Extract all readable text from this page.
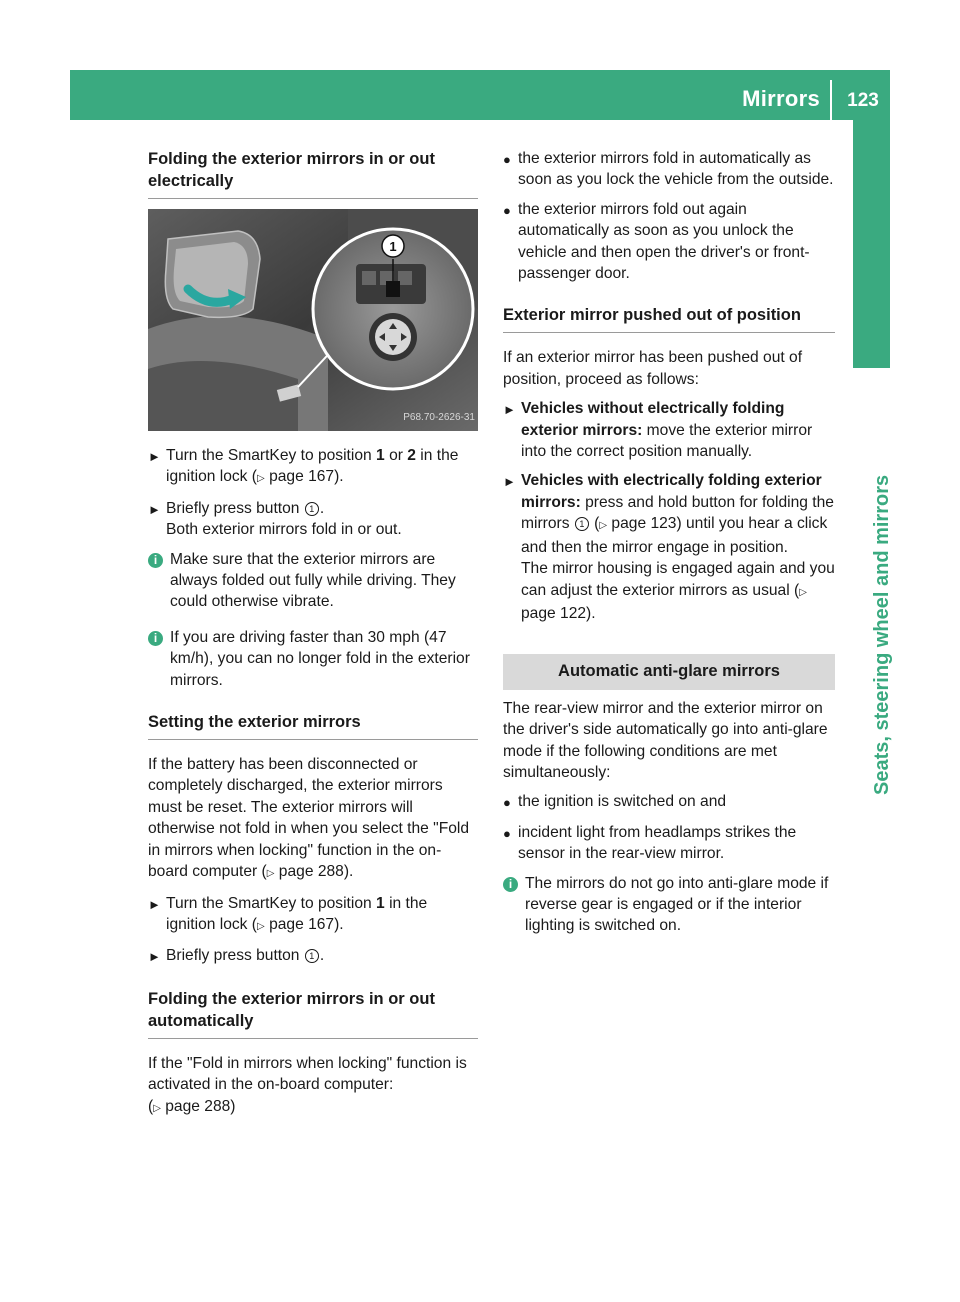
Mirrors	123
Seats, steering wheel and mirrors
Folding the exterior mirrors in or out electrically
1
P68.70-2626-31
► Turn the SmartKey to position 1 or 2 in the ignition lock (▷ page 167).

► Briefly press button 1 .
Both exterior mirrors fold in or out.

i Make sure that the exterior mirrors are always folded out fully while driving. They could otherwise vibrate.

i If you are driving faster than 30 mph (47 km/h), you can no longer fold in the exterior mirrors.

Setting the exterior mirrors

If the battery has been disconnected or completely discharged, the exterior mirrors must be reset. The exterior mirrors will otherwise not fold in when you select the "Fold in mirrors when locking" function in the on-board computer (▷ page 288).

► Turn the SmartKey to position 1 in the ignition lock (▷ page 167).

► Briefly press button 1 .

Folding the exterior mirrors in or out automatically

If the "Fold in mirrors when locking" function is activated in the on-board computer:
(▷ page 288)

● the exterior mirrors fold in automatically as soon as you lock the vehicle from the outside.

● the exterior mirrors fold out again automatically as soon as you unlock the vehicle and then open the driver's or front-passenger door.

Exterior mirror pushed out of position

If an exterior mirror has been pushed out of position, proceed as follows:

► Vehicles without electrically folding exterior mirrors: move the exterior mirror into the correct position manually.

► Vehicles with electrically folding exterior mirrors: press and hold button for folding the mirrors 1 (▷ page 123) until you hear a click and then the mirror engage in position.
The mirror housing is engaged again and you can adjust the exterior mirrors as usual (▷ page 122).

Automatic anti-glare mirrors

The rear-view mirror and the exterior mirror on the driver's side automatically go into anti-glare mode if the following conditions are met simultaneously:

● the ignition is switched on and

● incident light from headlamps strikes the sensor in the rear-view mirror.

i The mirrors do not go into anti-glare mode if reverse gear is engaged or if the interior lighting is switched on.
